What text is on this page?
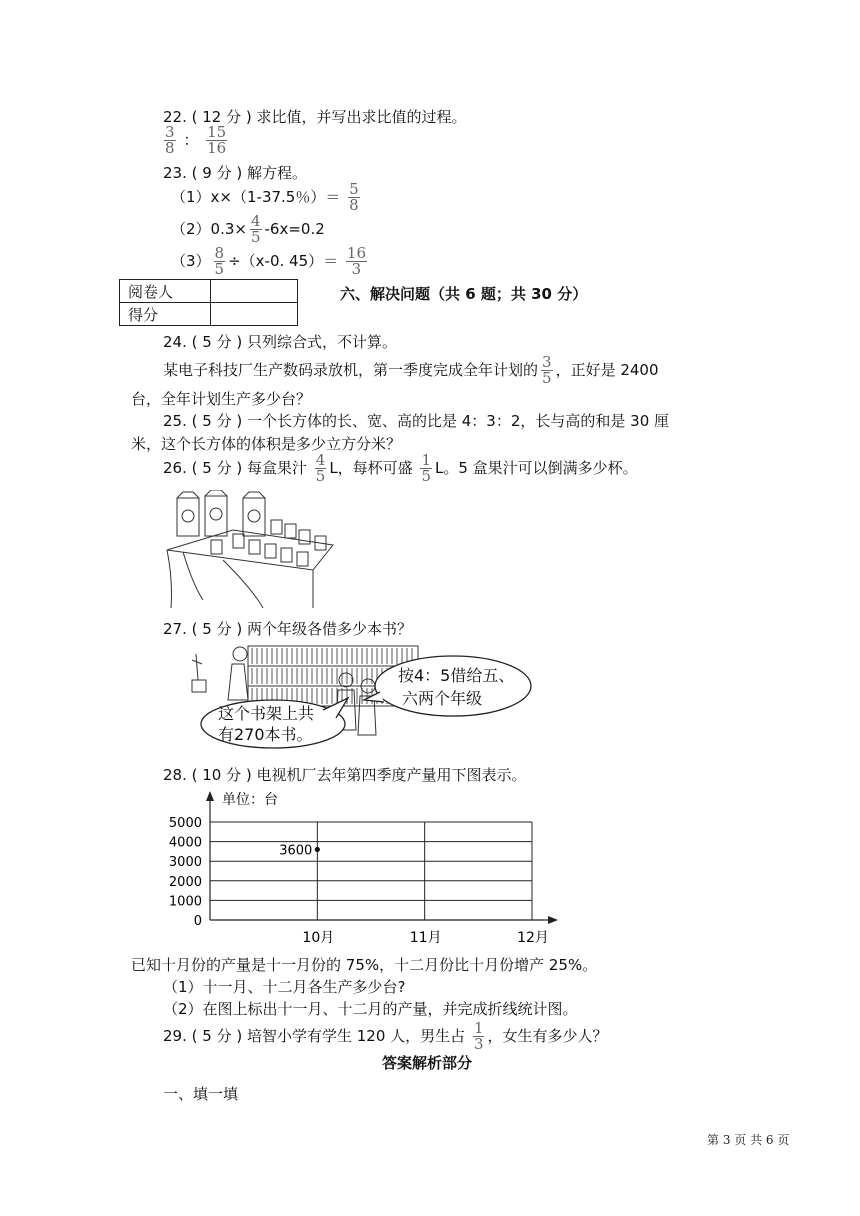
22. ( 12 分 ) 求比值，并写出求比值的过程。
$\frac{3}{8}$ ： $\frac{15}{16}$
23. ( 9 分 ) 解方程。
（1）x×（1-37.5％）＝ $\frac{5}{8}$
$(2)0.3\times \frac{4}{5} -6x=0.2$
$(3) \frac{8}{5} \div(x-0$. $45)= \frac{16}{3}$
阅卷人	
得分	
六、解决问题（共 6 题；共 30 分）
24. ( 5 分 ) 只列综合式，不计算。
某电子科技厂生产数码录放机，第一季度完成全年计划的 $\frac{3}{5}$ ，正好是 2400
台，全年计划生产多少台？
25. ( 5 分 ) 一个长方体的长、宽、高的比是 4：3：2，长与高的和是 30 厘
米，这个长方体的体积是多少立方分米？
26. ( 5 分 ) 每盒果汁 $\frac{4}{5}$ L，每杯可盛 $\frac{1}{5}$ L。5 盒果汁可以倒满多少杯。
27. ( 5 分 ) 两个年级各借多少本书？
这个书架上共
有270本书。
按4：5借给五、
六两个年级
28. ( 10 分 ) 电视机厂去年第四季度产量用下图表示。
单位：台
0
1000
2000
3000
4000
5000
10月	11月	12月
3600
已知十月份的产量是十一月份的 75%，十二月份比十月份增产 25%。
（1）十一月、十二月各生产多少台?
（2）在图上标出十一月、十二月的产量，并完成折线统计图。
29. ( 5 分 ) 培智小学有学生 120 人，男生占 $\frac{1}{3}$ ，女生有多少人？
答案解析部分
一、填一填
第 3 页 共 6 页
